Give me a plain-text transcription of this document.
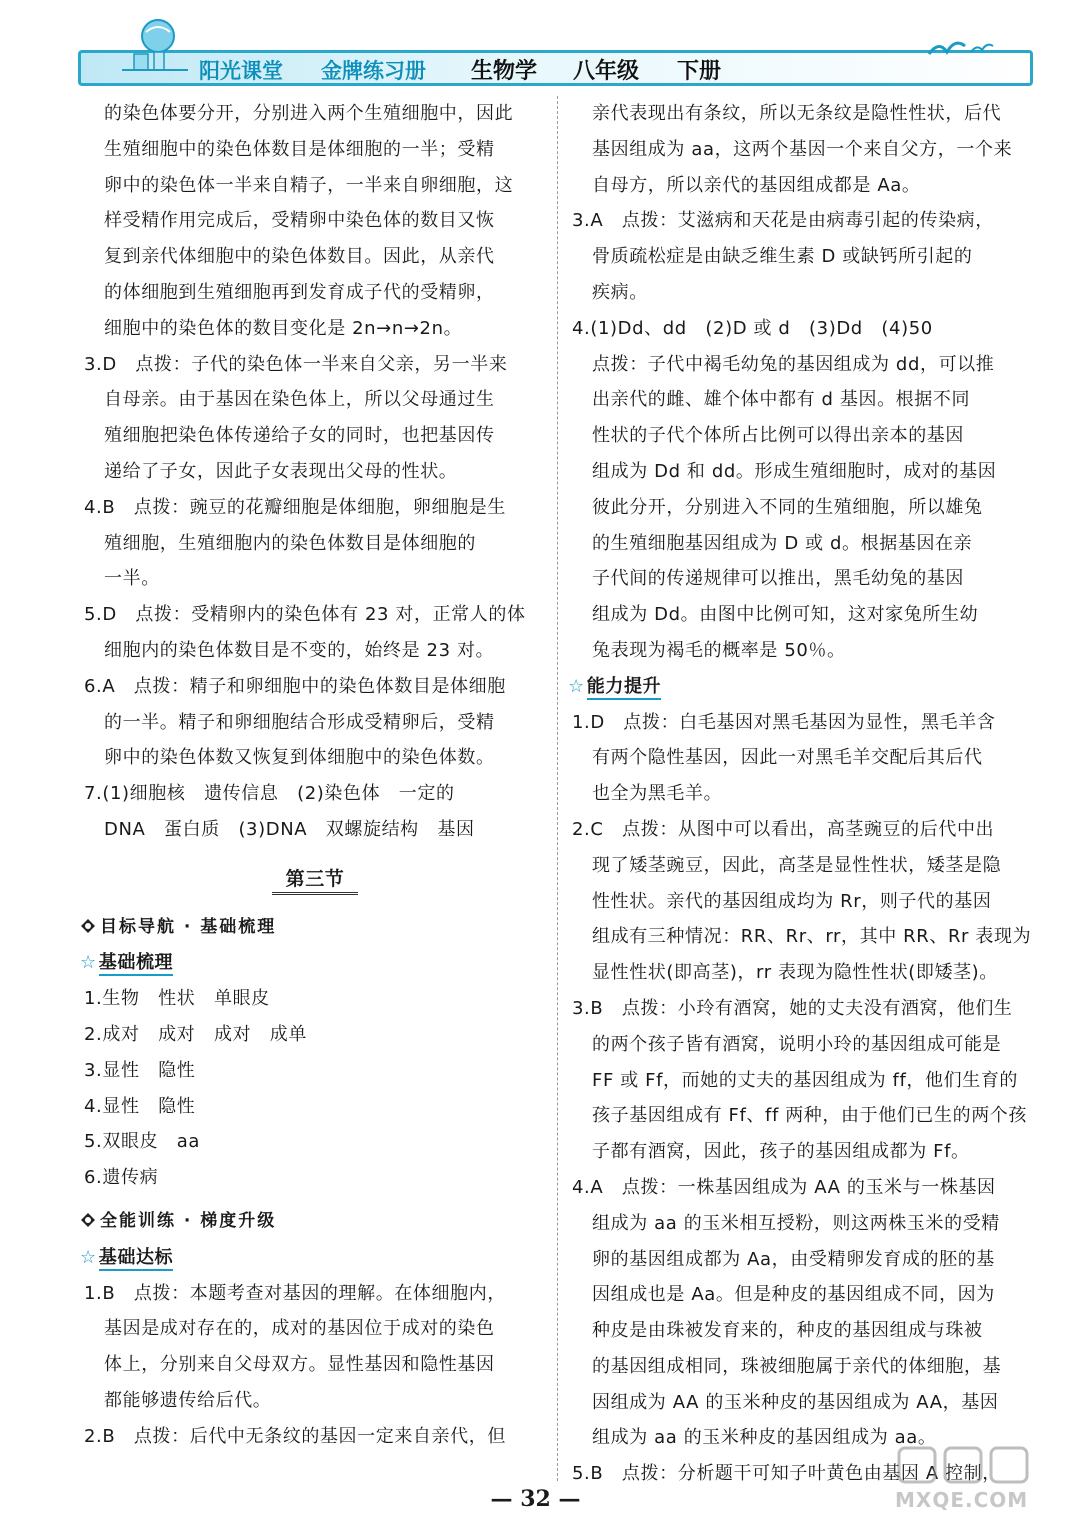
阳光课堂 金牌练习册 生物学 八年级 下册
的染色体要分开，分别进入两个生殖细胞中，因此
生殖细胞中的染色体数目是体细胞的一半；受精
卵中的染色体一半来自精子，一半来自卵细胞，这
样受精作用完成后，受精卵中染色体的数目又恢
复到亲代体细胞中的染色体数目。因此，从亲代
的体细胞到生殖细胞再到发育成子代的受精卵，
细胞中的染色体的数目变化是 2n→n→2n。
3.D　点拨：子代的染色体一半来自父亲，另一半来
自母亲。由于基因在染色体上，所以父母通过生
殖细胞把染色体传递给子女的同时，也把基因传
递给了子女，因此子女表现出父母的性状。
4.B　点拨：豌豆的花瓣细胞是体细胞，卵细胞是生
殖细胞，生殖细胞内的染色体数目是体细胞的
一半。
5.D　点拨：受精卵内的染色体有 23 对，正常人的体
细胞内的染色体数目是不变的，始终是 23 对。
6.A　点拨：精子和卵细胞中的染色体数目是体细胞
的一半。精子和卵细胞结合形成受精卵后，受精
卵中的染色体数又恢复到体细胞中的染色体数。
7.(1)细胞核　遗传信息　(2)染色体　一定的
DNA　蛋白质　(3)DNA　双螺旋结构　基因
第三节
目标导航 · 基础梳理
☆ 基础梳理
1.生物　性状　单眼皮
2.成对　成对　成对　成单
3.显性　隐性
4.显性　隐性
5.双眼皮　aa
6.遗传病
全能训练 · 梯度升级
☆ 基础达标
1.B　点拨：本题考查对基因的理解。在体细胞内，
基因是成对存在的，成对的基因位于成对的染色
体上，分别来自父母双方。显性基因和隐性基因
都能够遗传给后代。
2.B　点拨：后代中无条纹的基因一定来自亲代，但
亲代表现出有条纹，所以无条纹是隐性性状，后代
基因组成为 aa，这两个基因一个来自父方，一个来
自母方，所以亲代的基因组成都是 Aa。
3.A　点拨：艾滋病和天花是由病毒引起的传染病，
骨质疏松症是由缺乏维生素 D 或缺钙所引起的
疾病。
4.(1)Dd、dd　(2)D 或 d　(3)Dd　(4)50
点拨：子代中褐毛幼兔的基因组成为 dd，可以推
出亲代的雌、雄个体中都有 d 基因。根据不同
性状的子代个体所占比例可以得出亲本的基因
组成为 Dd 和 dd。形成生殖细胞时，成对的基因
彼此分开，分别进入不同的生殖细胞，所以雄兔
的生殖细胞基因组成为 D 或 d。根据基因在亲
子代间的传递规律可以推出，黑毛幼兔的基因
组成为 Dd。由图中比例可知，这对家兔所生幼
兔表现为褐毛的概率是 50％。
☆ 能力提升
1.D　点拨：白毛基因对黑毛基因为显性，黑毛羊含
有两个隐性基因，因此一对黑毛羊交配后其后代
也全为黑毛羊。
2.C　点拨：从图中可以看出，高茎豌豆的后代中出
现了矮茎豌豆，因此，高茎是显性性状，矮茎是隐
性性状。亲代的基因组成均为 Rr，则子代的基因
组成有三种情况：RR、Rr、rr，其中 RR、Rr 表现为
显性性状(即高茎)，rr 表现为隐性性状(即矮茎)。
3.B　点拨：小玲有酒窝，她的丈夫没有酒窝，他们生
的两个孩子皆有酒窝，说明小玲的基因组成可能是
FF 或 Ff，而她的丈夫的基因组成为 ff，他们生育的
孩子基因组成有 Ff、ff 两种，由于他们已生的两个孩
子都有酒窝，因此，孩子的基因组成都为 Ff。
4.A　点拨：一株基因组成为 AA 的玉米与一株基因
组成为 aa 的玉米相互授粉，则这两株玉米的受精
卵的基因组成都为 Aa，由受精卵发育成的胚的基
因组成也是 Aa。但是种皮的基因组成不同，因为
种皮是由珠被发育来的，种皮的基因组成与珠被
的基因组成相同，珠被细胞属于亲代的体细胞，基
因组成为 AA 的玉米种皮的基因组成为 AA，基因
组成为 aa 的玉米种皮的基因组成为 aa。
5.B　点拨：分析题干可知子叶黄色由基因 A 控制，
— 32 —	MXQE.COM
